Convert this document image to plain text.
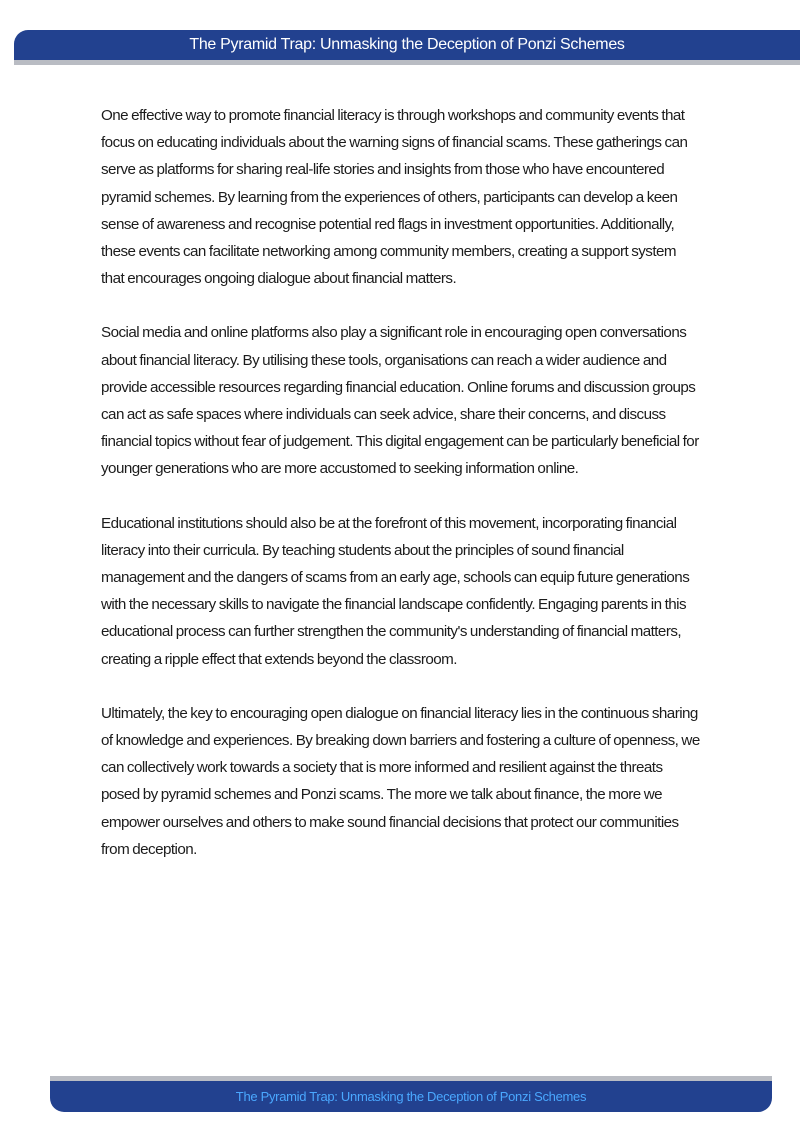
The Pyramid Trap: Unmasking the Deception of Ponzi Schemes

One effective way to promote financial literacy is through workshops and community events that focus on educating individuals about the warning signs of financial scams. These gatherings can serve as platforms for sharing real-life stories and insights from those who have encountered pyramid schemes. By learning from the experiences of others, participants can develop a keen sense of awareness and recognise potential red flags in investment opportunities. Additionally, these events can facilitate networking among community members, creating a support system that encourages ongoing dialogue about financial matters.

Social media and online platforms also play a significant role in encouraging open conversations about financial literacy. By utilising these tools, organisations can reach a wider audience and provide accessible resources regarding financial education. Online forums and discussion groups can act as safe spaces where individuals can seek advice, share their concerns, and discuss financial topics without fear of judgement. This digital engagement can be particularly beneficial for younger generations who are more accustomed to seeking information online.

Educational institutions should also be at the forefront of this movement, incorporating financial literacy into their curricula. By teaching students about the principles of sound financial management and the dangers of scams from an early age, schools can equip future generations with the necessary skills to navigate the financial landscape confidently. Engaging parents in this educational process can further strengthen the community's understanding of financial matters, creating a ripple effect that extends beyond the classroom.

Ultimately, the key to encouraging open dialogue on financial literacy lies in the continuous sharing of knowledge and experiences. By breaking down barriers and fostering a culture of openness, we can collectively work towards a society that is more informed and resilient against the threats posed by pyramid schemes and Ponzi scams. The more we talk about finance, the more we empower ourselves and others to make sound financial decisions that protect our communities from deception.

The Pyramid Trap: Unmasking the Deception of Ponzi Schemes
